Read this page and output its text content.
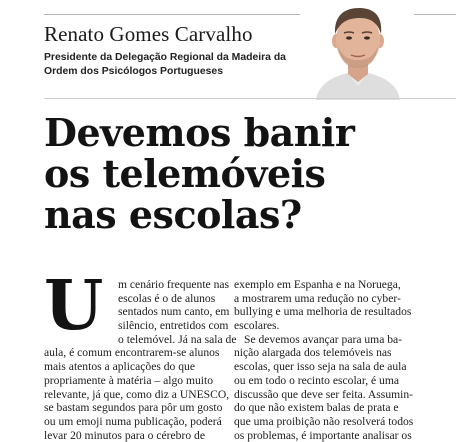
Renato Gomes Carvalho
Presidente da Delegação Regional da Madeira da
Ordem dos Psicólogos Portugueses
Devemos banir
os telemóveis
nas escolas?
U	m cenário frequente nas
escolas é o de alunos
sentados num canto, em
silêncio, entretidos com
o telemóvel. Já na sala de
aula, é comum encontrarem-se alunos
mais atentos a aplicações do que
propriamente à matéria – algo muito
relevante, já que, como diz a UNESCO,
se bastam segundos para pôr um gosto
ou um emoji numa publicação, poderá
levar 20 minutos para o cérebro de
exemplo em Espanha e na Noruega,
a mostrarem uma redução no cyber-
bullying e uma melhoria de resultados
escolares.
Se devemos avançar para uma ba-
nição alargada dos telemóveis nas
escolas, quer isso seja na sala de aula
ou em todo o recinto escolar, é uma
discussão que deve ser feita. Assumin-
do que não existem balas de prata e
que uma proibição não resolverá todos
os problemas, é importante analisar os
